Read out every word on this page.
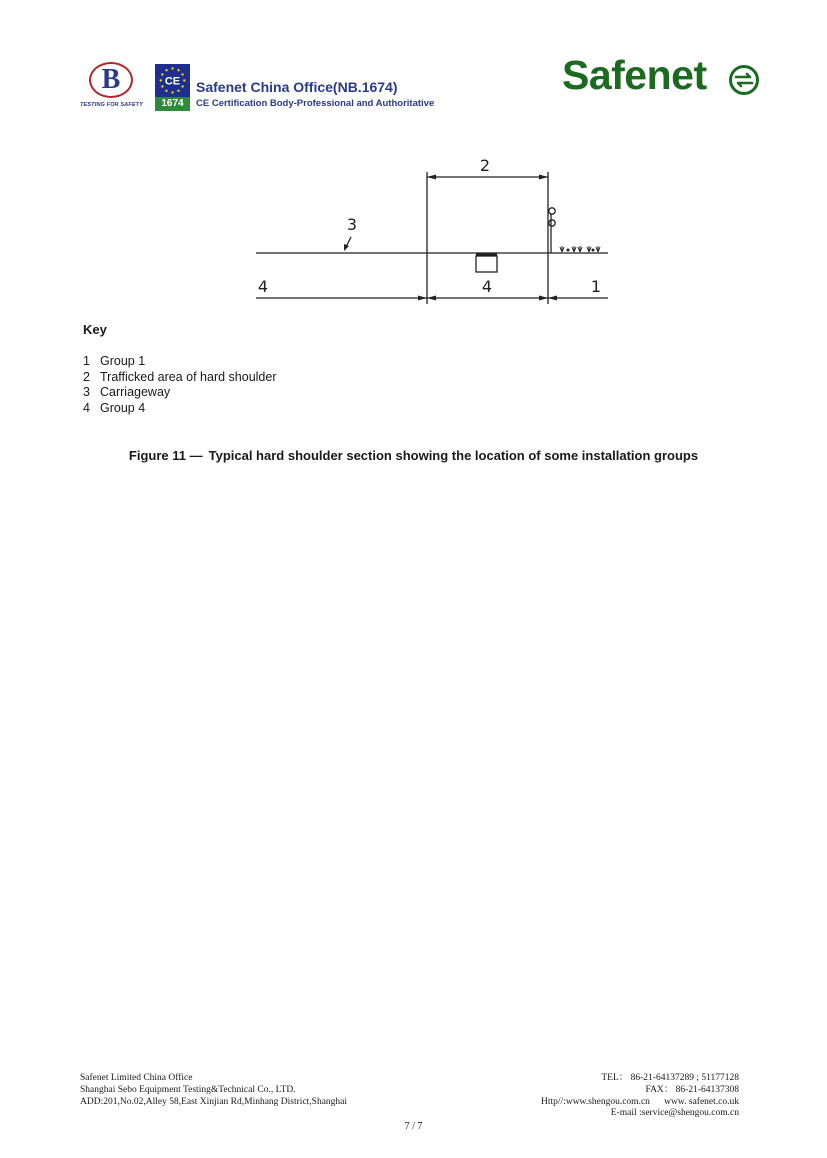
B
TESTING FOR SAFETY
CE
1674
Safenet China Office(NB.1674)
CE Certification Body-Professional and Authoritative
Safenet
2
3
4	4	1
Key
1 Group 1
2 Trafficked area of hard shoulder
3 Carriageway
4 Group 4
Figure 11 — Typical hard shoulder section showing the location of some installation groups
Safenet Limited China Office
Shanghai Sebo Equipment Testing&Technical Co., LTD.
ADD:201,No.02,Alley 58,East Xinjian Rd,Minhang District,Shanghai
TEL： 86-21-64137289 ; 51177128
FAX： 86-21-64137308
Http//:www.shengou.com.cn      www. safenet.co.uk
E-mail :service@shengou.com.cn
7 / 7
